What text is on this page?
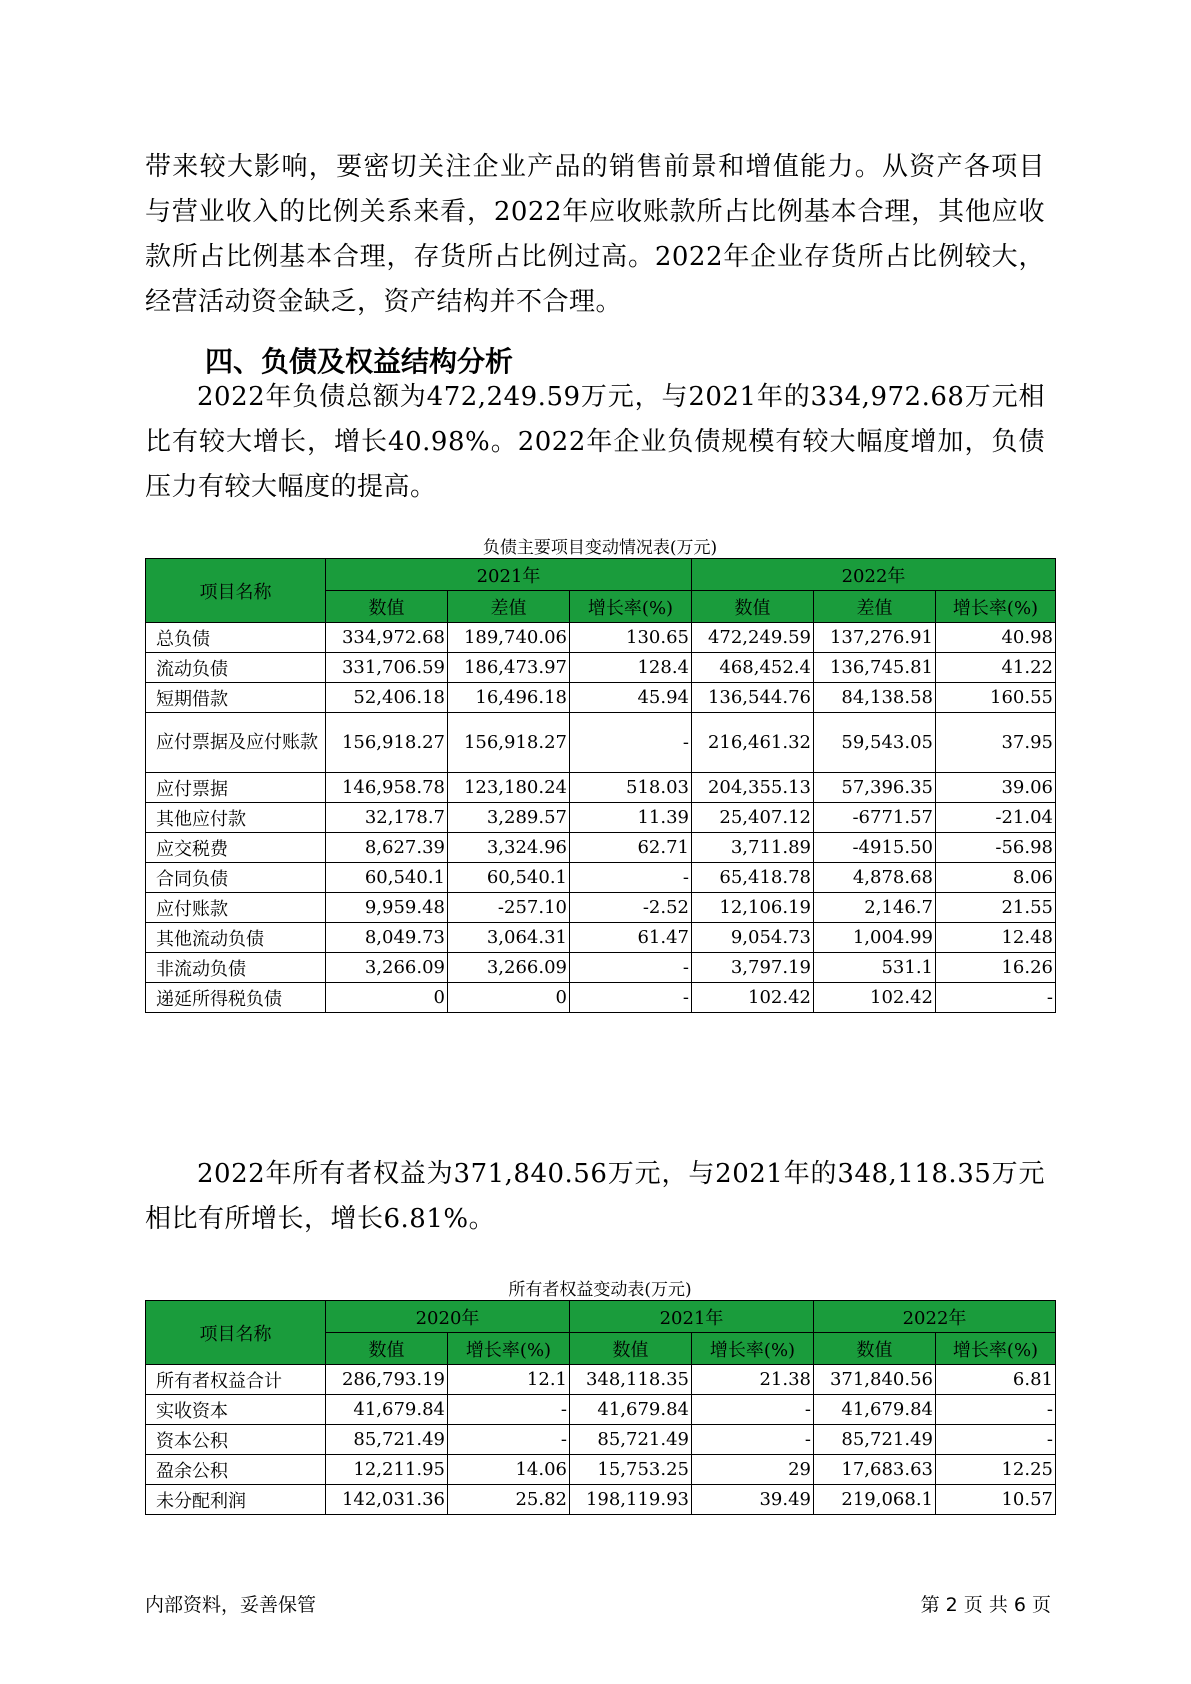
带来较大影响，要密切关注企业产品的销售前景和增值能力。从资产各项目与营业收入的比例关系来看，2022年应收账款所占比例基本合理，其他应收款所占比例基本合理，存货所占比例过高。2022年企业存货所占比例较大，经营活动资金缺乏，资产结构并不合理。
四、负债及权益结构分析
2022年负债总额为472,249.59万元，与2021年的334,972.68万元相比有较大增长，增长40.98%。2022年企业负债规模有较大幅度增加，负债压力有较大幅度的提高。
负债主要项目变动情况表(万元)
项目名称	2021年			2022年		
	数值	差值	增长率(%)	数值	差值	增长率(%)
总负债	334,972.68	189,740.06	130.65	472,249.59	137,276.91	40.98
流动负债	331,706.59	186,473.97	128.4	468,452.4	136,745.81	41.22
短期借款	52,406.18	16,496.18	45.94	136,544.76	84,138.58	160.55
应付票据及应付账款	156,918.27	156,918.27	-	216,461.32	59,543.05	37.95
应付票据	146,958.78	123,180.24	518.03	204,355.13	57,396.35	39.06
其他应付款	32,178.7	3,289.57	11.39	25,407.12	-6771.57	-21.04
应交税费	8,627.39	3,324.96	62.71	3,711.89	-4915.50	-56.98
合同负债	60,540.1	60,540.1	-	65,418.78	4,878.68	8.06
应付账款	9,959.48	-257.10	-2.52	12,106.19	2,146.7	21.55
其他流动负债	8,049.73	3,064.31	61.47	9,054.73	1,004.99	12.48
非流动负债	3,266.09	3,266.09	-	3,797.19	531.1	16.26
递延所得税负债	0	0	-	102.42	102.42	-
2022年所有者权益为371,840.56万元，与2021年的348,118.35万元相比有所增长，增长6.81%。
所有者权益变动表(万元)
项目名称	2020年		2021年		2022年	
	数值	增长率(%)	数值	增长率(%)	数值	增长率(%)
所有者权益合计	286,793.19	12.1	348,118.35	21.38	371,840.56	6.81
实收资本	41,679.84	-	41,679.84	-	41,679.84	-
资本公积	85,721.49	-	85,721.49	-	85,721.49	-
盈余公积	12,211.95	14.06	15,753.25	29	17,683.63	12.25
未分配利润	142,031.36	25.82	198,119.93	39.49	219,068.1	10.57
内部资料，妥善保管	第 2 页 共 6 页
